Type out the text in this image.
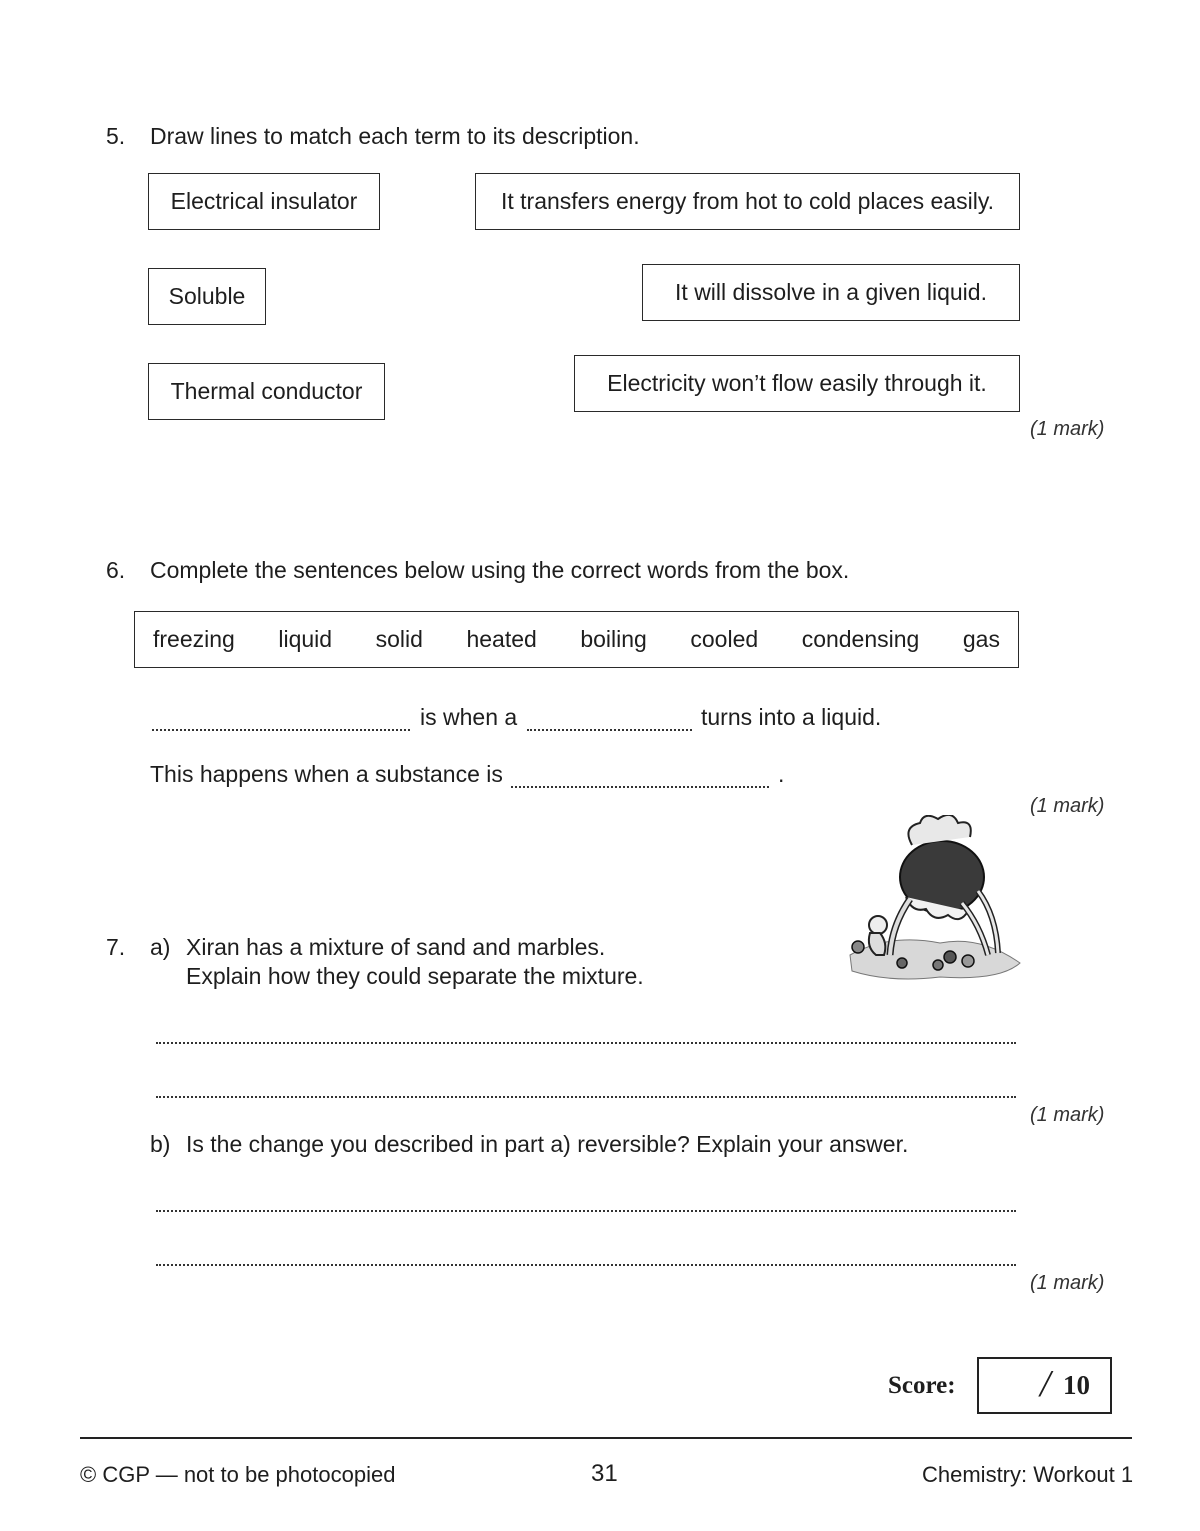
5. Draw lines to match each term to its description.
Electrical insulator
Soluble
Thermal conductor
It transfers energy from hot to cold places easily.
It will dissolve in a given liquid.
Electricity won’t flow easily through it.
(1 mark)
6. Complete the sentences below using the correct words from the box.
freezing liquid solid heated boiling cooled condensing gas
is when a	turns into a liquid.
This happens when a substance is	.
(1 mark)
7. a) Xiran has a mixture of sand and marbles.
Explain how they could separate the mixture.
(1 mark)
b) Is the change you described in part a) reversible? Explain your answer.
(1 mark)
Score: / 10
© CGP — not to be photocopied	31	Chemistry: Workout 1
